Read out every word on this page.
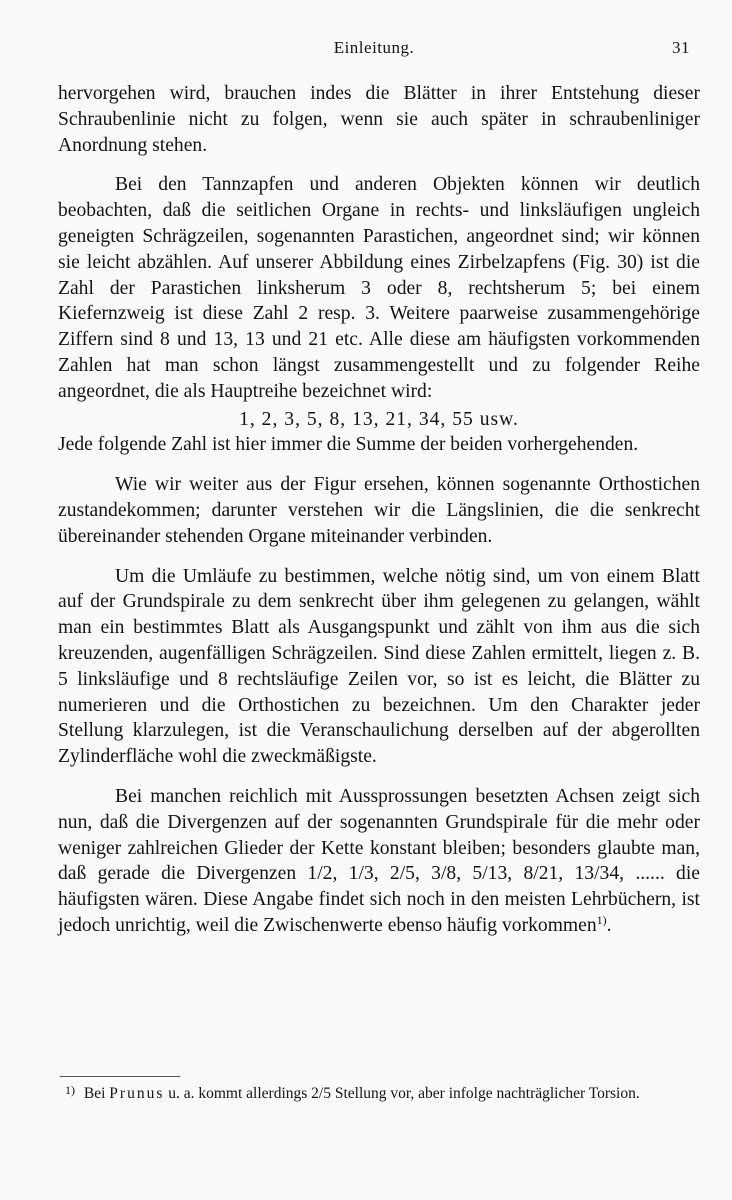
Einleitung.	31

hervorgehen wird, brauchen indes die Blätter in ihrer Entstehung dieser Schraubenlinie nicht zu folgen, wenn sie auch später in schraubenliniger Anordnung stehen.

Bei den Tannzapfen und anderen Objekten können wir deutlich beobachten, daß die seitlichen Organe in rechts- und linksläufigen ungleich geneigten Schrägzeilen, sogenannten Parastichen, angeordnet sind; wir können sie leicht abzählen. Auf unserer Abbildung eines Zirbelzapfens (Fig. 30) ist die Zahl der Parastichen linksherum 3 oder 8, rechtsherum 5; bei einem Kiefernzweig ist diese Zahl 2 resp. 3. Weitere paarweise zusammengehörige Ziffern sind 8 und 13, 13 und 21 etc. Alle diese am häufigsten vorkommenden Zahlen hat man schon längst zusammengestellt und zu folgender Reihe angeordnet, die als Hauptreihe bezeichnet wird:

1, 2, 3, 5, 8, 13, 21, 34, 55 usw.

Jede folgende Zahl ist hier immer die Summe der beiden vorhergehenden.

Wie wir weiter aus der Figur ersehen, können sogenannte Orthostichen zustandekommen; darunter verstehen wir die Längslinien, die die senkrecht übereinander stehenden Organe miteinander verbinden.

Um die Umläufe zu bestimmen, welche nötig sind, um von einem Blatt auf der Grundspirale zu dem senkrecht über ihm gelegenen zu gelangen, wählt man ein bestimmtes Blatt als Ausgangspunkt und zählt von ihm aus die sich kreuzenden, augenfälligen Schrägzeilen. Sind diese Zahlen ermittelt, liegen z. B. 5 linksläufige und 8 rechtsläufige Zeilen vor, so ist es leicht, die Blätter zu numerieren und die Orthostichen zu bezeichnen. Um den Charakter jeder Stellung klarzulegen, ist die Veranschaulichung derselben auf der abgerollten Zylinderfläche wohl die zweckmäßigste.

Bei manchen reichlich mit Aussprossungen besetzten Achsen zeigt sich nun, daß die Divergenzen auf der sogenannten Grundspirale für die mehr oder weniger zahlreichen Glieder der Kette konstant bleiben; besonders glaubte man, daß gerade die Divergenzen 1/2, 1/3, 2/5, 3/8, 5/13, 8/21, 13/34, ...... die häufigsten wären. Diese Angabe findet sich noch in den meisten Lehrbüchern, ist jedoch unrichtig, weil die Zwischenwerte ebenso häufig vorkommen$^{1)}$.

1) Bei Prunus u. a. kommt allerdings 2/5 Stellung vor, aber infolge nachträglicher Torsion.
